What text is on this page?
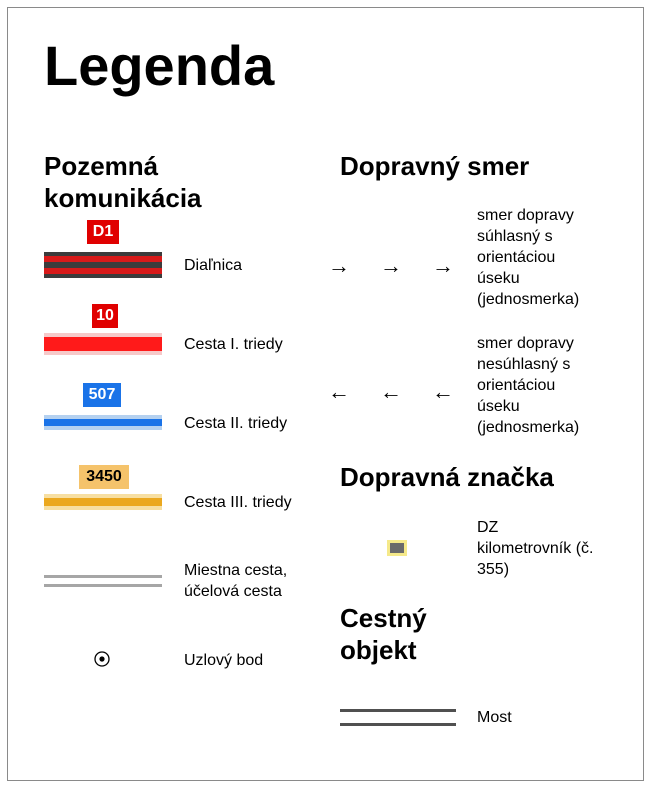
Legenda
Pozemná komunikácia
Dopravný smer
Dopravná značka
Cestný objekt
D1
Diaľnica
10
Cesta I. triedy
507
Cesta II. triedy
3450
Cesta III. triedy
Miestna cesta, účelová cesta
Uzlový bod
→ → →
smer dopravy súhlasný s orientáciou úseku (jednosmerka)
← ← ←
smer dopravy nesúhlasný s orientáciou úseku (jednosmerka)
DZ kilometrovník (č. 355)
Most
